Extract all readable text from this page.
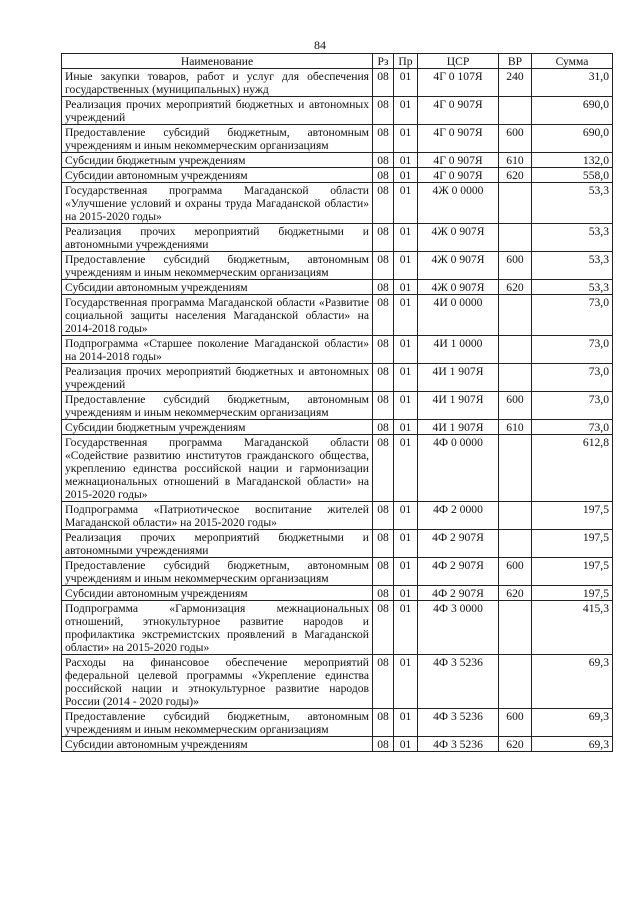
84
Наименование	Рз	Пр	ЦСР	ВР	Сумма
Иные закупки товаров, работ и услуг для обеспечения государственных (муниципальных) нужд	08	01	4Г 0 107Я	240	31,0
Реализация прочих мероприятий бюджетных и автономных учреждений	08	01	4Г 0 907Я		690,0
Предоставление субсидий бюджетным, автономным учреждениям и иным некоммерческим организациям	08	01	4Г 0 907Я	600	690,0
Субсидии бюджетным учреждениям	08	01	4Г 0 907Я	610	132,0
Субсидии автономным учреждениям	08	01	4Г 0 907Я	620	558,0
Государственная программа Магаданской области «Улучшение условий и охраны труда Магаданской области» на 2015-2020 годы»	08	01	4Ж 0 0000		53,3
Реализация прочих мероприятий бюджетными и автономными учреждениями	08	01	4Ж 0 907Я		53,3
Предоставление субсидий бюджетным, автономным учреждениям и иным некоммерческим организациям	08	01	4Ж 0 907Я	600	53,3
Субсидии автономным учреждениям	08	01	4Ж 0 907Я	620	53,3
Государственная программа Магаданской области «Развитие социальной защиты населения Магаданской области» на 2014-2018 годы»	08	01	4И 0 0000		73,0
Подпрограмма «Старшее поколение Магаданской области» на 2014-2018 годы»	08	01	4И 1 0000		73,0
Реализация прочих мероприятий бюджетных и автономных учреждений	08	01	4И 1 907Я		73,0
Предоставление субсидий бюджетным, автономным учреждениям и иным некоммерческим организациям	08	01	4И 1 907Я	600	73,0
Субсидии бюджетным учреждениям	08	01	4И 1 907Я	610	73,0
Государственная программа Магаданской области «Содействие развитию институтов гражданского общества, укреплению единства российской нации и гармонизации межнациональных отношений в Магаданской области» на 2015-2020 годы»	08	01	4Ф 0 0000		612,8
Подпрограмма «Патриотическое воспитание жителей Магаданской области» на 2015-2020 годы»	08	01	4Ф 2 0000		197,5
Реализация прочих мероприятий бюджетными и автономными учреждениями	08	01	4Ф 2 907Я		197,5
Предоставление субсидий бюджетным, автономным учреждениям и иным некоммерческим организациям	08	01	4Ф 2 907Я	600	197,5
Субсидии автономным учреждениям	08	01	4Ф 2 907Я	620	197,5
Подпрограмма «Гармонизация межнациональных отношений, этнокультурное развитие народов и профилактика экстремистских проявлений в Магаданской области» на 2015-2020 годы»	08	01	4Ф 3 0000		415,3
Расходы на финансовое обеспечение мероприятий федеральной целевой программы «Укрепление единства российской нации и этнокультурное развитие народов России (2014 - 2020 годы)»	08	01	4Ф 3 5236		69,3
Предоставление субсидий бюджетным, автономным учреждениям и иным некоммерческим организациям	08	01	4Ф 3 5236	600	69,3
Субсидии автономным учреждениям	08	01	4Ф 3 5236	620	69,3
